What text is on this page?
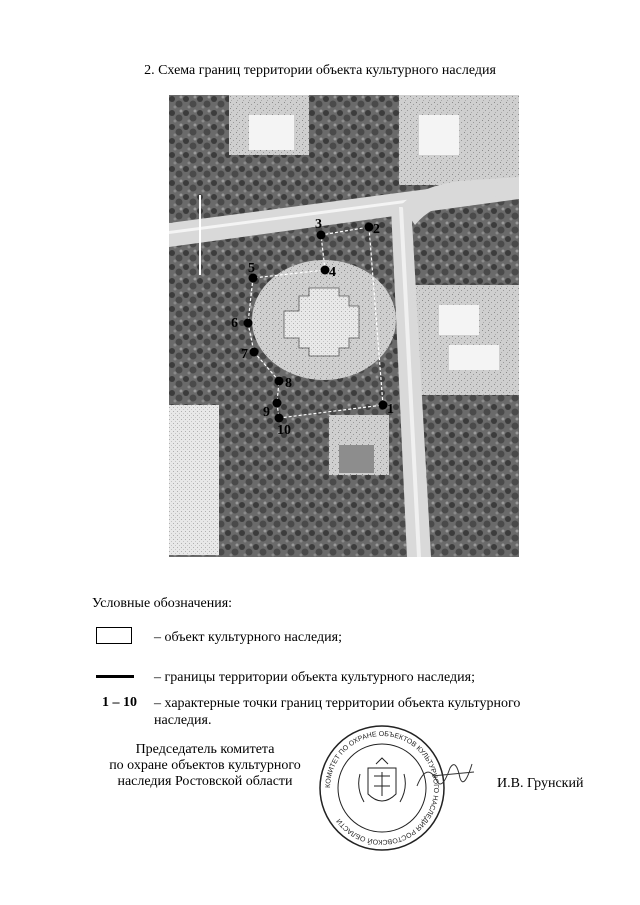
2. Схема границ территории объекта культурного наследия
1
2
3
4
5
6
7
8
9
10
Условные обозначения:
– объект культурного наследия;
– границы территории объекта культурного наследия;
1 – 10 – характерные точки границ территории объекта культурного наследия.
Председатель комитета
по охране объектов культурного
наследия Ростовской области	КОМИТЕТ ПО ОХРАНЕ ОБЪЕКТОВ КУЛЬТУРНОГО НАСЛЕДИЯ РОСТОВСКОЙ ОБЛАСТИ
И.В. Грунский
